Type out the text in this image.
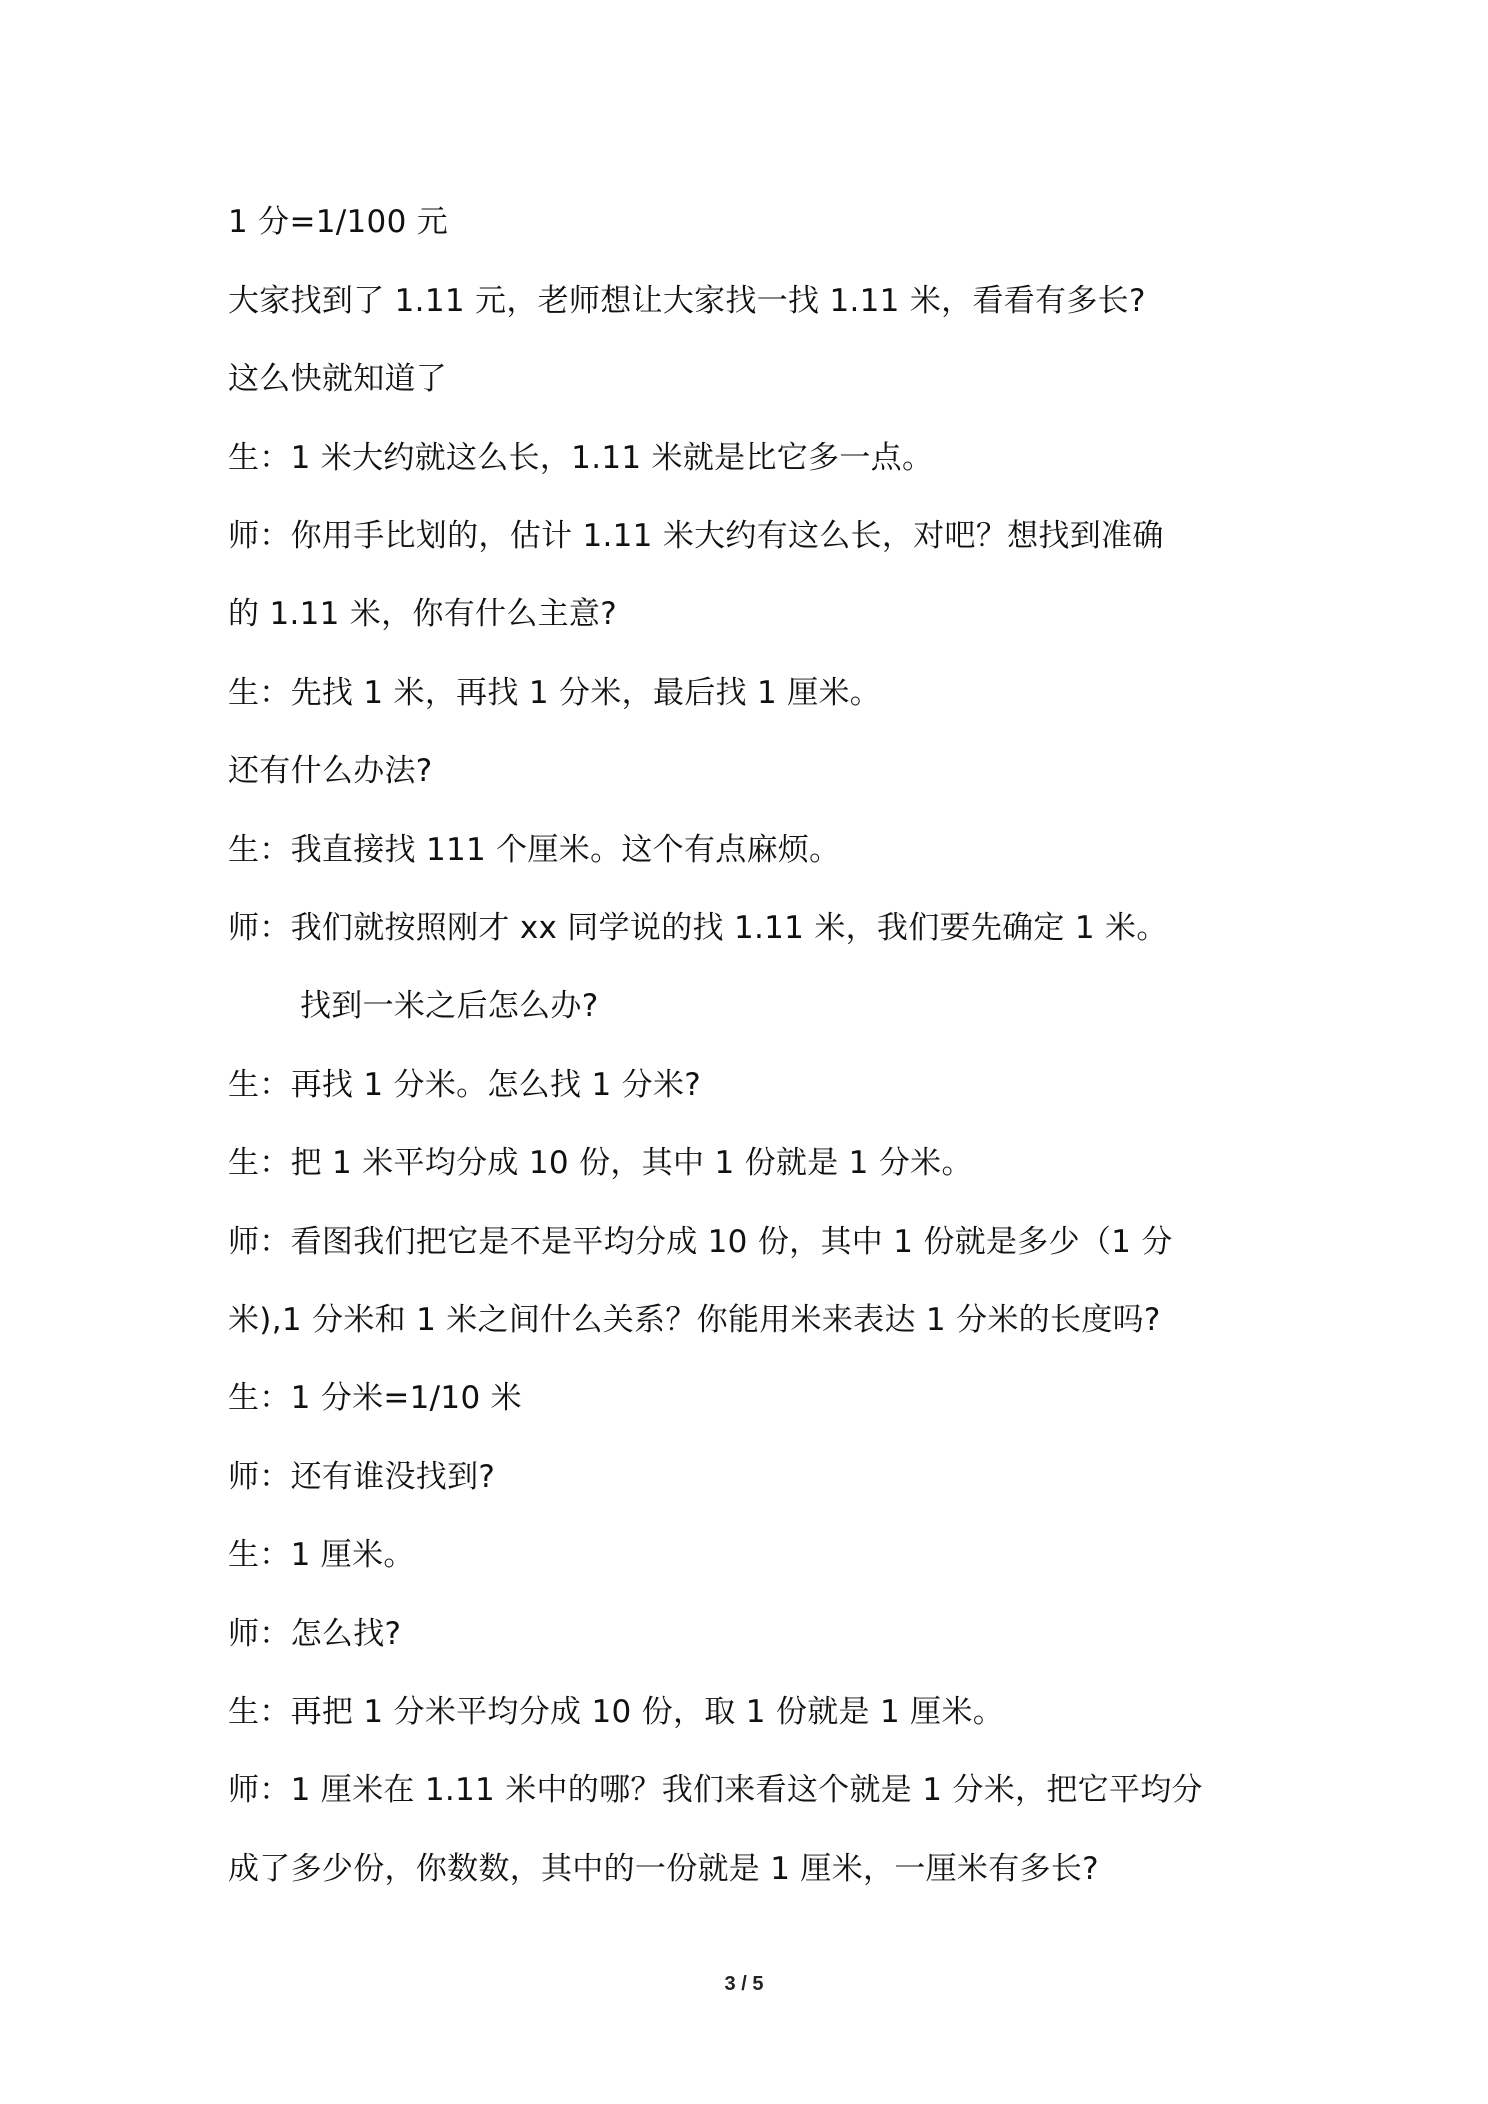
1 分=1/100 元
大家找到了 1.11 元，老师想让大家找一找 1.11 米，看看有多长?
这么快就知道了
生：1 米大约就这么长，1.11 米就是比它多一点。
师：你用手比划的，估计 1.11 米大约有这么长，对吧？想找到准确
的 1.11 米，你有什么主意?
生：先找 1 米，再找 1 分米，最后找 1 厘米。
还有什么办法?
生：我直接找 111 个厘米。这个有点麻烦。
师：我们就按照刚才 xx 同学说的找 1.11 米，我们要先确定 1 米。
找到一米之后怎么办?
生：再找 1 分米。怎么找 1 分米?
生：把 1 米平均分成 10 份，其中 1 份就是 1 分米。
师：看图我们把它是不是平均分成 10 份，其中 1 份就是多少（1 分
米),1 分米和 1 米之间什么关系？你能用米来表达 1 分米的长度吗?
生：1 分米=1/10 米
师：还有谁没找到?
生：1 厘米。
师：怎么找?
生：再把 1 分米平均分成 10 份，取 1 份就是 1 厘米。
师：1 厘米在 1.11 米中的哪？我们来看这个就是 1 分米，把它平均分
成了多少份，你数数，其中的一份就是 1 厘米，一厘米有多长?
3 / 5
